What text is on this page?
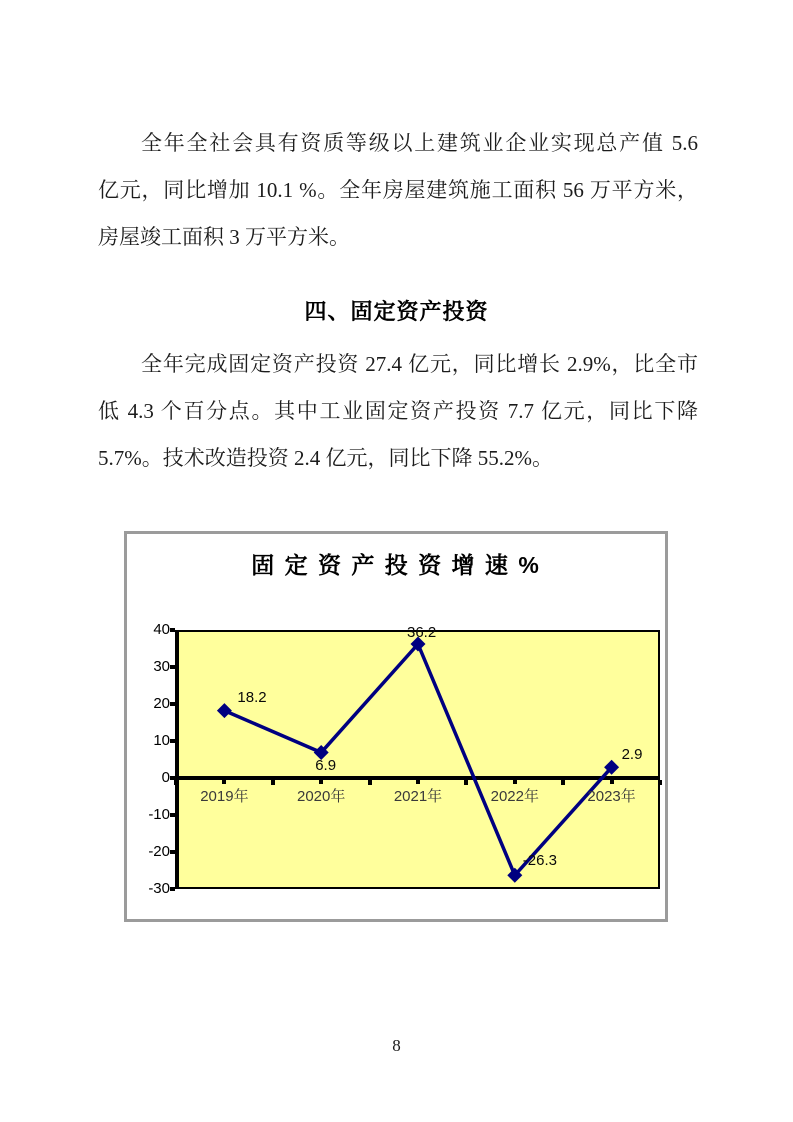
全年全社会具有资质等级以上建筑业企业实现总产值 5.6
亿元，同比增加 10.1 %。全年房屋建筑施工面积 56 万平方米，
房屋竣工面积 3 万平方米。
四、固定资产投资
全年完成固定资产投资 27.4 亿元，同比增长 2.9%，比全市
低 4.3 个百分点。其中工业固定资产投资 7.7 亿元，同比下降
5.7%。技术改造投资 2.4 亿元，同比下降 55.2%。
固 定 资 产 投 资 增 速 %
18.2
6.9
36.2
-26.3
2.9
2019年	2020年	2021年	2022年	2023年
40
30
20
10
0
-10
-20
-30
8
